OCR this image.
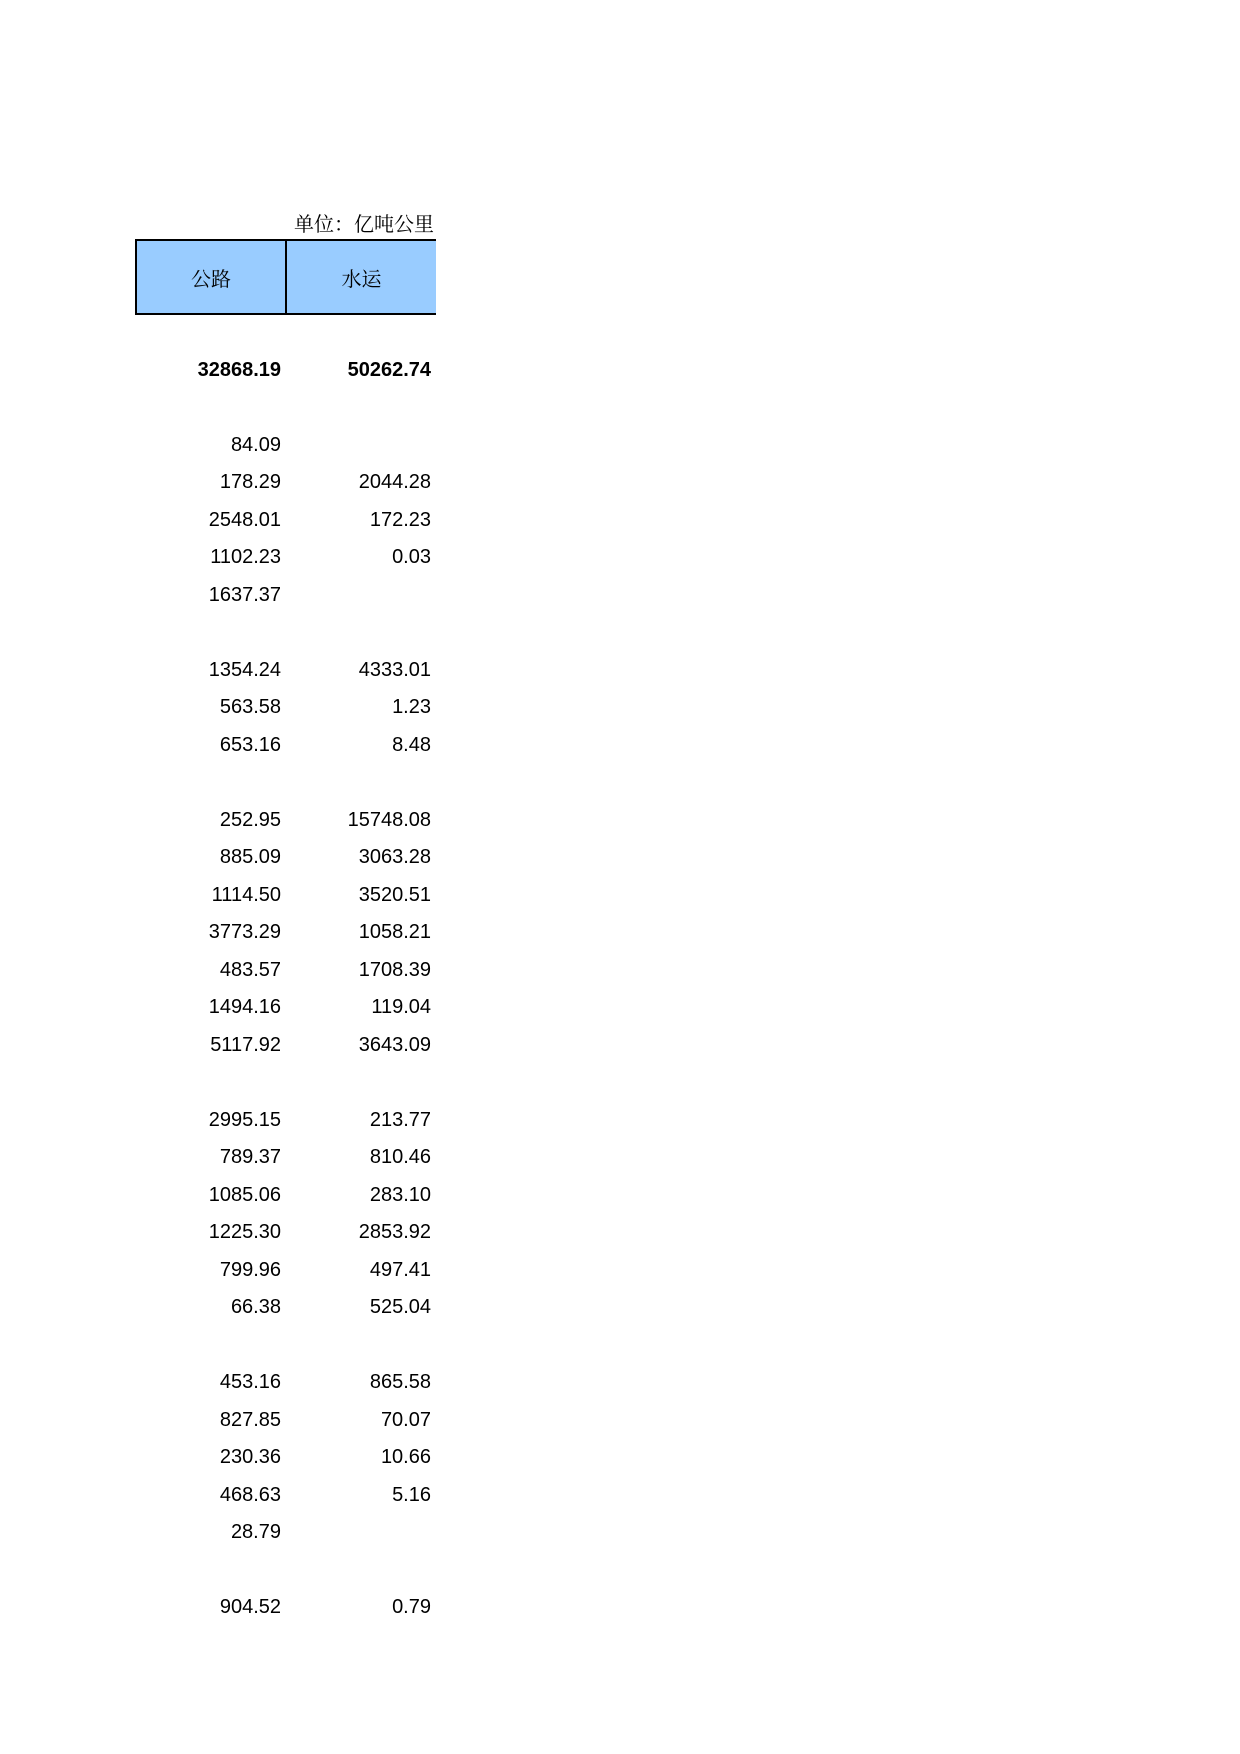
单位：亿吨公里
公路	水运
32868.19	50262.74
84.09
178.29	2044.28
2548.01	172.23
1102.23	0.03
1637.37
1354.24	4333.01
563.58	1.23
653.16	8.48
252.95	15748.08
885.09	3063.28
1114.50	3520.51
3773.29	1058.21
483.57	1708.39
1494.16	119.04
5117.92	3643.09
2995.15	213.77
789.37	810.46
1085.06	283.10
1225.30	2853.92
799.96	497.41
66.38	525.04
453.16	865.58
827.85	70.07
230.36	10.66
468.63	5.16
28.79
904.52	0.79
